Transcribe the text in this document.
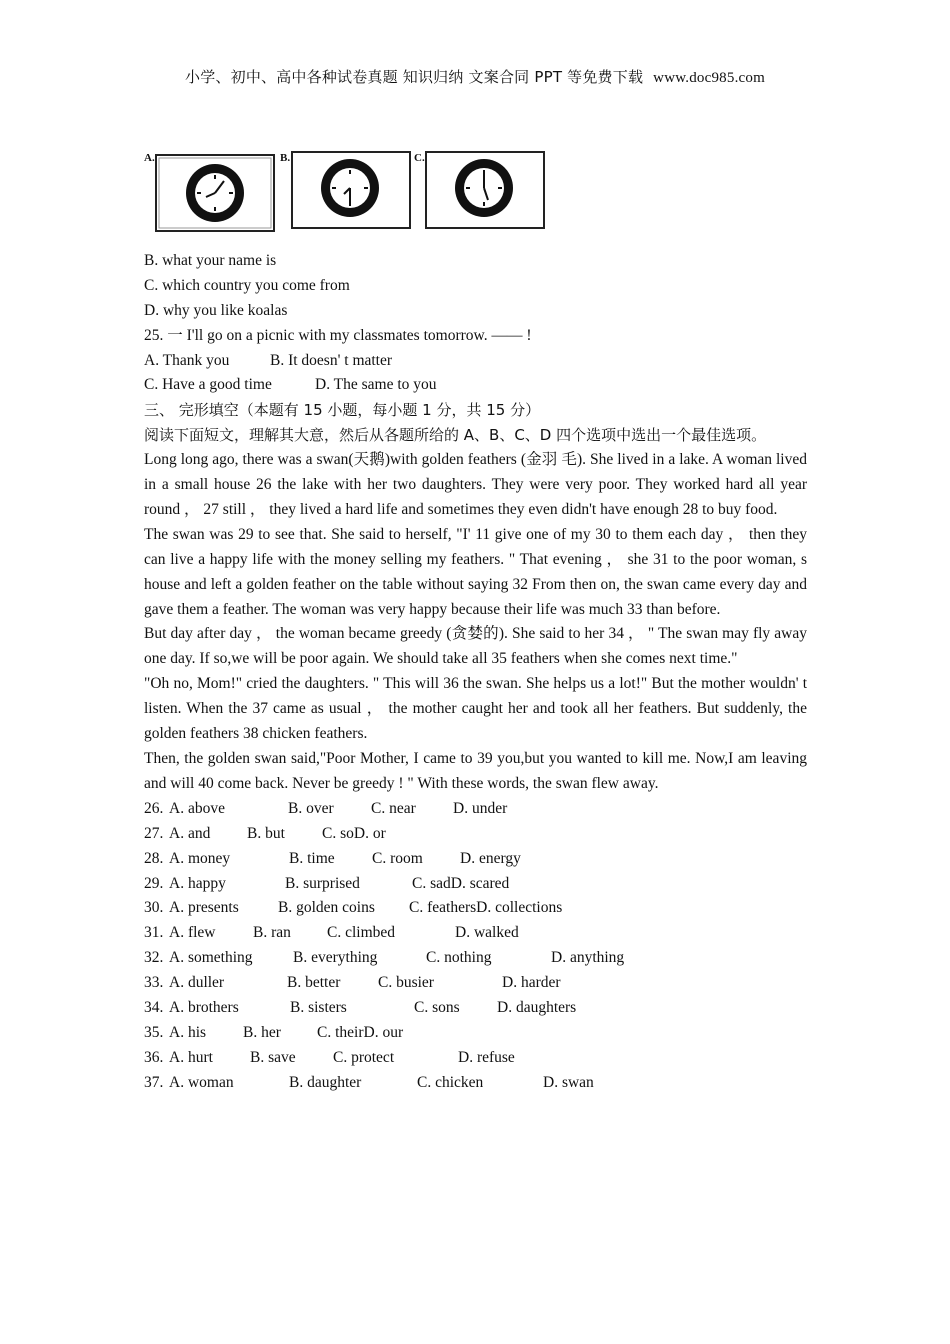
小学、初中、高中各种试卷真题 知识归纳 文案合同 PPT 等免费下载 www.doc985.com
A.	B.	C.
B. what your name is
C. which country you come from
D. why you like koalas
25. 一 I'll go on a picnic with my classmates tomorrow. —— !
A. Thank you	B. It doesn' t matter
C. Have a good time	D. The same to you
三、 完形填空（本题有 15 小题，每小题 1 分，共 15 分）
阅读下面短文，理解其大意，然后从各题所给的 A、B、C、D 四个选项中选出一个最佳选项。
Long long ago, there was a swan(天鹅)with golden feathers (金羽 毛). She lived in a lake. A woman lived in a small house 26 the lake with her two daughters. They were very poor. They worked hard all year round ， 27 still ， they lived a hard life and sometimes they even didn't have enough 28 to buy food.
The swan was 29 to see that. She said to herself, "I' 11 give one of my 30 to them each day ， then they can live a happy life with the money selling my feathers. " That evening ， she 31 to the poor woman, s house and left a golden feather on the table without saying 32 From then on, the swan came every day and gave them a feather. The woman was very happy because their life was much 33 than before.
But day after day ， the woman became greedy (贪婪的). She said to her 34 ， " The swan may fly away one day. If so,we will be poor again. We should take all 35 feathers when she comes next time."
"Oh no, Mom!" cried the daughters. " This will 36 the swan. She helps us a lot!" But the mother wouldn' t listen. When the 37 came as usual ， the mother caught her and took all her feathers. But suddenly, the golden feathers 38 chicken feathers.
Then, the golden swan said,"Poor Mother, I came to 39 you,but you wanted to kill me. Now,I am leaving and will 40 come back. Never be greedy ! " With these words, the swan flew away.
26. A. above	B. over	C. near	D. under
27. A. and	B. but	C. so D. or
28. A. money	B. time	C. room	D. energy
29. A. happy	B. surprised	C. sad D. scared
30. A. presents	B. golden coins	C. feathers D. collections
31. A. flew	B. ran	C. climbed	D. walked
32. A. something	B. everything	C. nothing	D. anything
33. A. duller	B. better	C. busier	D. harder
34. A. brothers	B. sisters	C. sons	D. daughters
35. A. his	B. her	C. their D. our
36. A. hurt	B. save	C. protect	D. refuse
37. A. woman	B. daughter	C. chicken	D. swan
